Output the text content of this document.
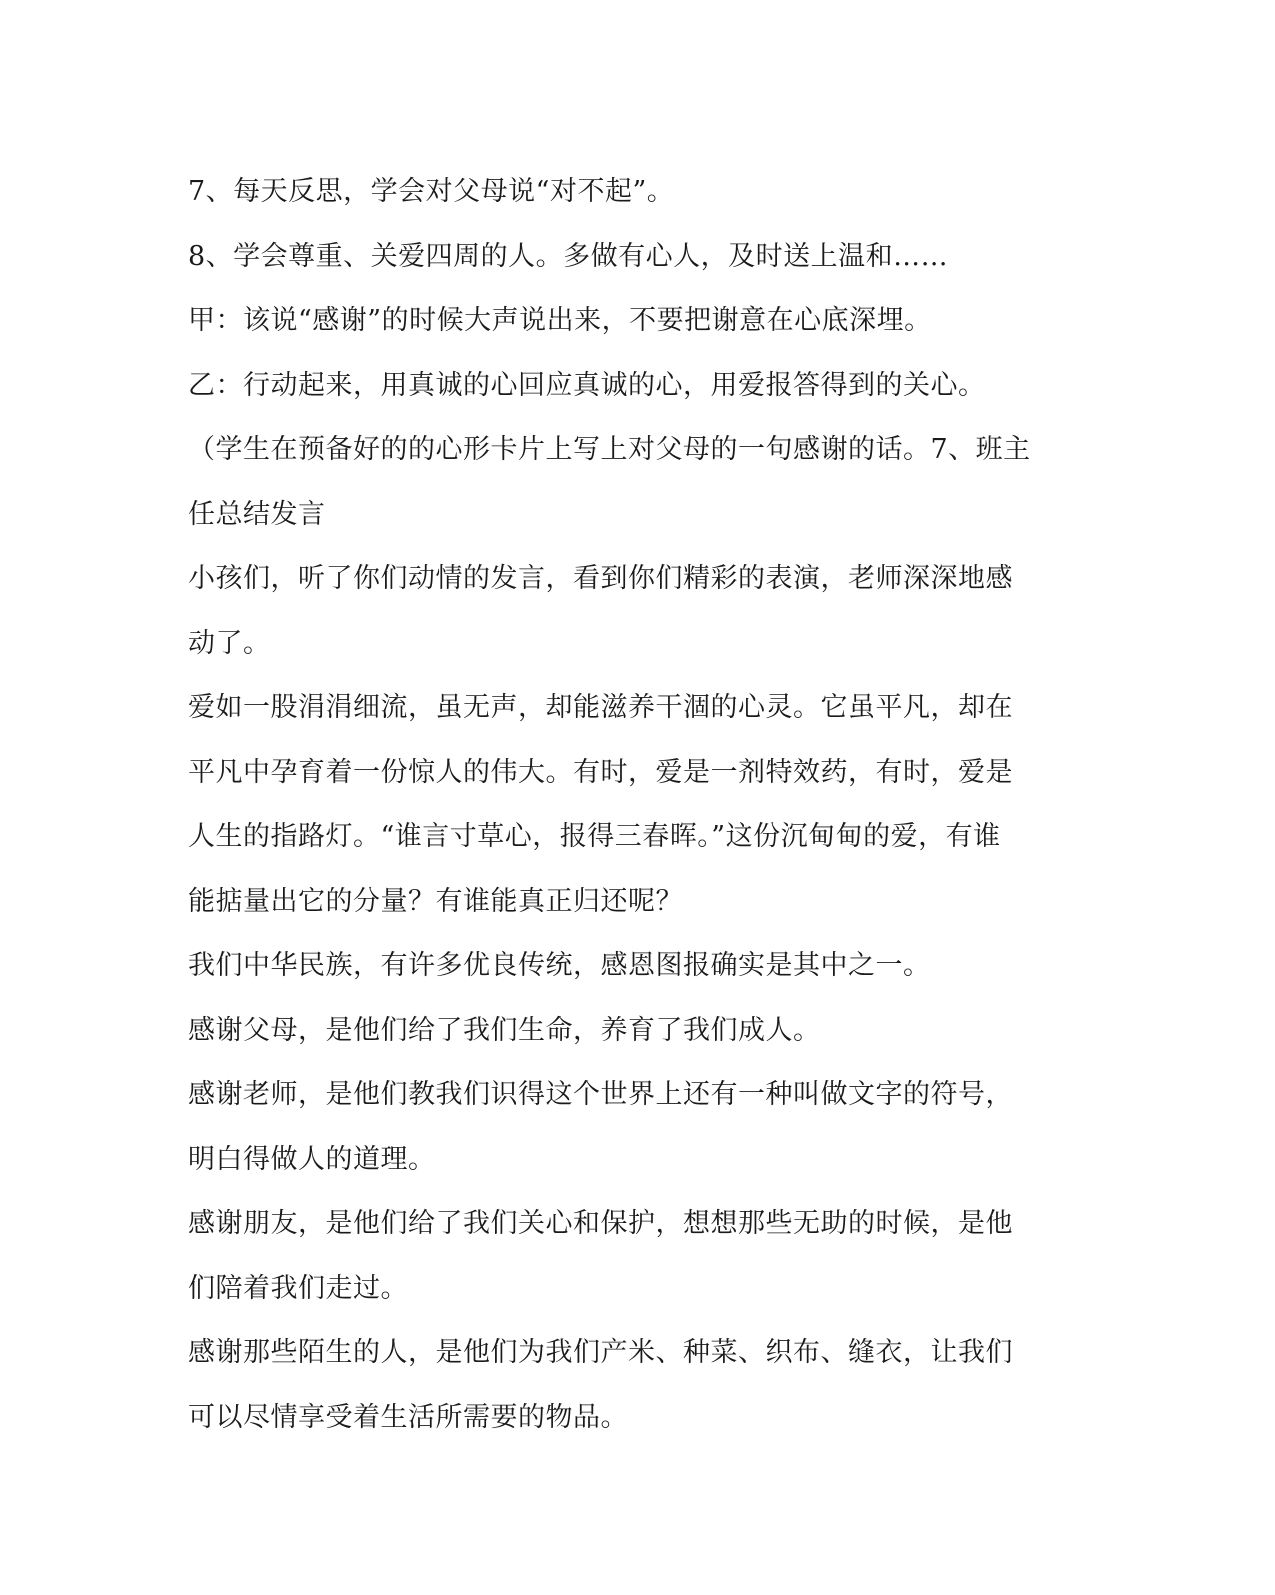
7、每天反思，学会对父母说“对不起”。

8、学会尊重、关爱四周的人。多做有心人，及时送上温和……

甲：该说“感谢”的时候大声说出来，不要把谢意在心底深埋。

乙：行动起来，用真诚的心回应真诚的心，用爱报答得到的关心。

（学生在预备好的的心形卡片上写上对父母的一句感谢的话。7、班主

任总结发言

小孩们，听了你们动情的发言，看到你们精彩的表演，老师深深地感

动了。

爱如一股涓涓细流，虽无声，却能滋养干涸的心灵。它虽平凡，却在

平凡中孕育着一份惊人的伟大。有时，爱是一剂特效药，有时，爱是

人生的指路灯。“谁言寸草心，报得三春晖。”这份沉甸甸的爱，有谁

能掂量出它的分量？有谁能真正归还呢？

我们中华民族，有许多优良传统，感恩图报确实是其中之一。

感谢父母，是他们给了我们生命，养育了我们成人。

感谢老师，是他们教我们识得这个世界上还有一种叫做文字的符号，

明白得做人的道理。

感谢朋友，是他们给了我们关心和保护，想想那些无助的时候，是他

们陪着我们走过。

感谢那些陌生的人，是他们为我们产米、种菜、织布、缝衣，让我们

可以尽情享受着生活所需要的物品。
